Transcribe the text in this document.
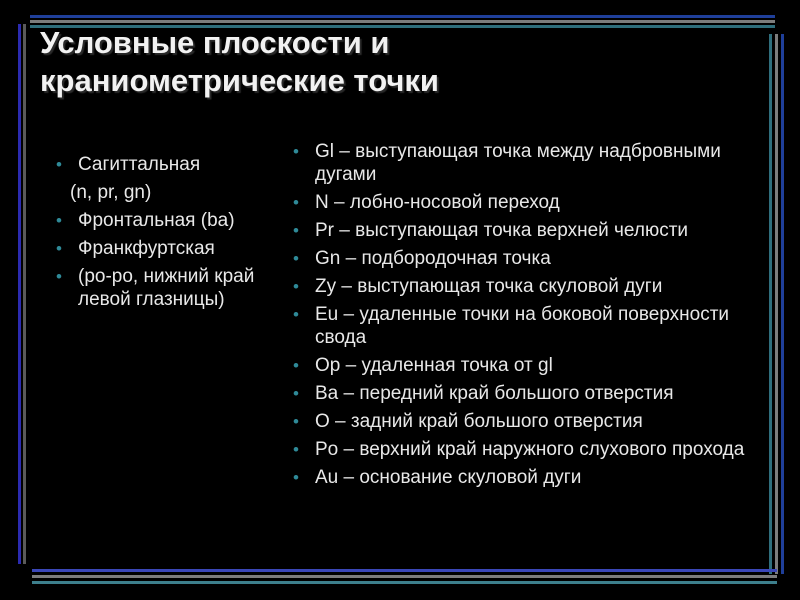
Условные плоскости и
краниометрические точки
• Сагиттальная
(n, pr, gn)
• Фронтальная (ba)
• Франкфуртская
• (po-po, нижний край левой глазницы)
• Gl – выступающая точка между надбровными дугами
• N – лобно-носовой переход
• Pr – выступающая точка верхней челюсти
• Gn – подбородочная точка
• Zy – выступающая точка скуловой дуги
• Eu – удаленные точки на боковой поверхности свода
• Op – удаленная точка от gl
• Ba – передний край большого отверстия
• O – задний край большого отверстия
• Po – верхний край наружного слухового прохода
• Au – основание скуловой дуги
